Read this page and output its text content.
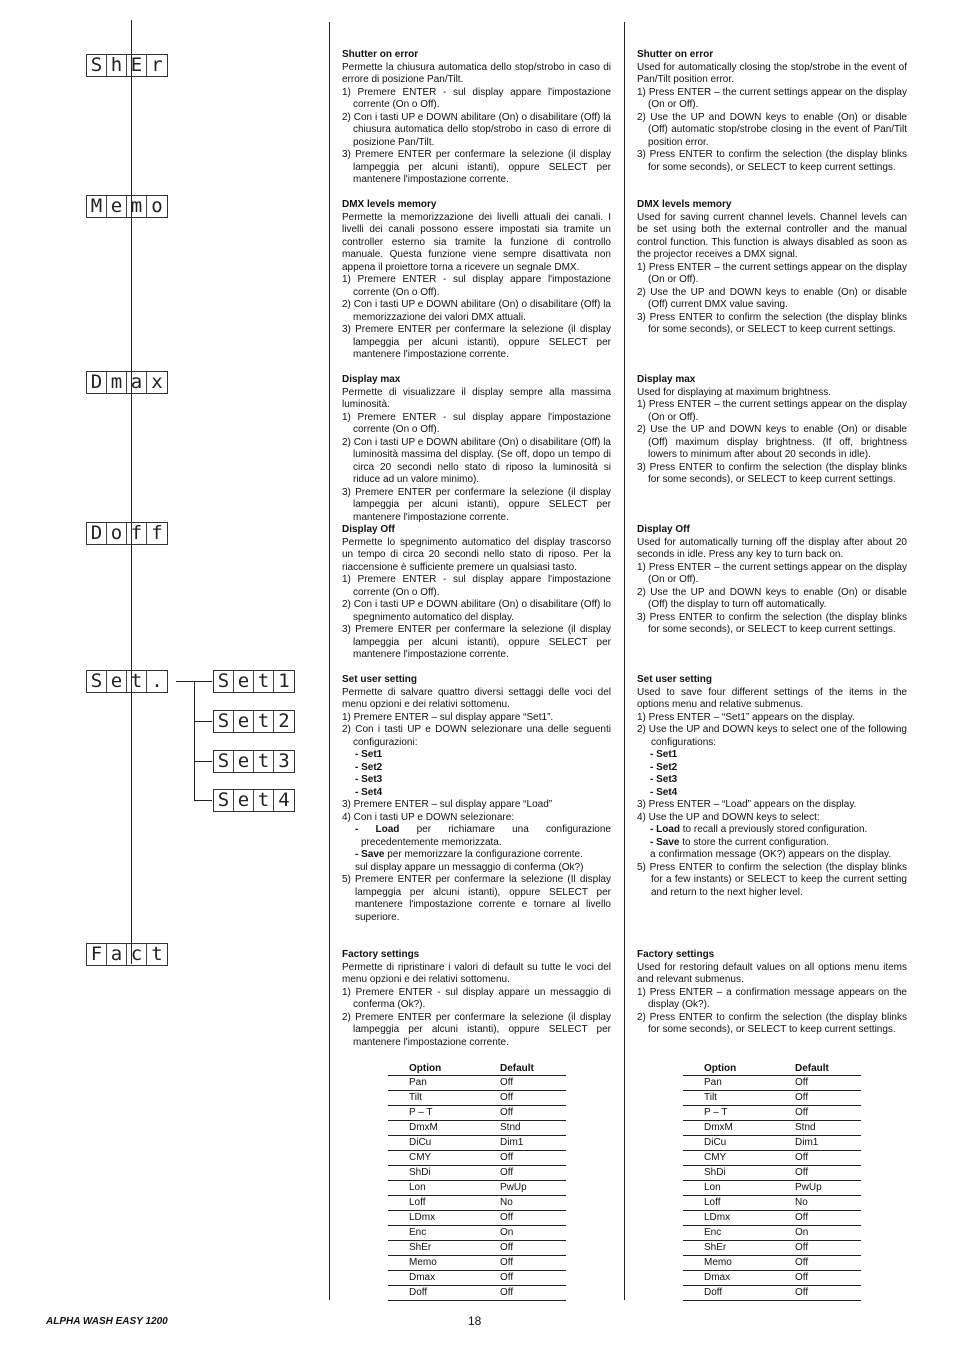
S h E r
M e m o
D m a x
D o f f
S e t .	S e t 1
S e t 2
S e t 3
S e t 4
F a c t
Shutter on error

Permette la chiusura automatica dello stop/strobo in caso di errore di posizione Pan/Tilt.

1) Premere ENTER - sul display appare l'impostazione corrente (On o Off).

2) Con i tasti UP e DOWN abilitare (On) o disabilitare (Off) la chiusura automatica dello stop/strobo in caso di errore di posizione Pan/Tilt.

3) Premere ENTER per confermare la selezione (il display lampeggia per alcuni istanti), oppure SELECT per mantenere l'impostazione corrente.

DMX levels memory

Permette la memorizzazione dei livelli attuali dei canali. I livelli dei canali possono essere impostati sia tramite un controller esterno sia tramite la funzione di controllo manuale. Questa funzione viene sempre disattivata non appena il proiettore torna a ricevere un segnale DMX.

1) Premere ENTER - sul display appare l'impostazione corrente (On o Off).

2) Con i tasti UP e DOWN abilitare (On) o disabilitare (Off) la memorizzazione dei valori DMX attuali.

3) Premere ENTER per confermare la selezione (il display lampeggia per alcuni istanti), oppure SELECT per mantenere l'impostazione corrente.

Display max

Permette di visualizzare il display sempre alla massima luminosità.

1) Premere ENTER - sul display appare l'impostazione corrente (On o Off).

2) Con i tasti UP e DOWN abilitare (On) o disabilitare (Off) la luminosità massima del display. (Se off, dopo un tempo di circa 20 secondi nello stato di riposo la luminosità si riduce ad un valore minimo).

3) Premere ENTER per confermare la selezione (il display lampeggia per alcuni istanti), oppure SELECT per mantenere l'impostazione corrente.

Display Off

Permette lo spegnimento automatico del display trascorso un tempo di circa 20 secondi nello stato di riposo. Per la riaccensione è sufficiente premere un qualsiasi tasto.

1) Premere ENTER - sul display appare l'impostazione corrente (On o Off).

2) Con i tasti UP e DOWN abilitare (On) o disabilitare (Off) lo spegnimento automatico del display.

3) Premere ENTER per confermare la selezione (il display lampeggia per alcuni istanti), oppure SELECT per mantenere l'impostazione corrente.

Set user setting

Permette di salvare quattro diversi settaggi delle voci del menu opzioni e dei relativi sottomenu.

1) Premere ENTER – sul display appare “Set1”.

2) Con i tasti UP e DOWN selezionare una delle seguenti configurazioni:

- Set1

- Set2

- Set3

- Set4

3) Premere ENTER – sul display appare “Load”

4) Con i tasti UP e DOWN selezionare:

- Load per richiamare una configurazione precedentemente memorizzata.

- Save per memorizzare la configurazione corrente.

sul display appare un messaggio di conferma (Ok?)

5) Premere ENTER per confermare la selezione (Il display lampeggia per alcuni istanti), oppure SELECT per mantenere l'impostazione corrente e tornare al livello superiore.

Factory settings

Permette di ripristinare i valori di default su tutte le voci del menu opzioni e dei relativi sottomenu.

1) Premere ENTER - sul display appare un messaggio di conferma (Ok?).

2) Premere ENTER per confermare la selezione (il display lampeggia per alcuni istanti), oppure SELECT per mantenere l'impostazione corrente.

Shutter on error

Used for automatically closing the stop/strobe in the event of Pan/Tilt position error.

1) Press ENTER – the current settings appear on the display (On or Off).

2) Use the UP and DOWN keys to enable (On) or disable (Off) automatic stop/strobe closing in the event of Pan/Tilt position error.

3) Press ENTER to confirm the selection (the display blinks for some seconds), or SELECT to keep current settings.

DMX levels memory

Used for saving current channel levels. Channel levels can be set using both the external controller and the manual control function. This function is always disabled as soon as the projector receives a DMX signal.

1) Press ENTER – the current settings appear on the display (On or Off).

2) Use the UP and DOWN keys to enable (On) or disable (Off) current DMX value saving.

3) Press ENTER to confirm the selection (the display blinks for some seconds), or SELECT to keep current settings.

Display max

Used for displaying at maximum brightness.

1) Press ENTER – the current settings appear on the display (On or Off).

2) Use the UP and DOWN keys to enable (On) or disable (Off) maximum display brightness. (If off, brightness lowers to minimum after about 20 seconds in idle).

3) Press ENTER to confirm the selection (the display blinks for some seconds), or SELECT to keep current settings.

Display Off

Used for automatically turning off the display after about 20 seconds in idle. Press any key to turn back on.

1) Press ENTER – the current settings appear on the display (On or Off).

2) Use the UP and DOWN keys to enable (On) or disable (Off) the display to turn off automatically.

3) Press ENTER to confirm the selection (the display blinks for some seconds), or SELECT to keep current settings.

Set user setting

Used to save four different settings of the items in the options menu and relative submenus.

1) Press ENTER – “Set1” appears on the display.

2) Use the UP and DOWN keys to select one of the following configurations:

- Set1

- Set2

- Set3

- Set4

3) Press ENTER – “Load” appears on the display.

4) Use the UP and DOWN keys to select:

- Load to recall a previously stored configuration.

- Save to store the current configuration.

a confirmation message (OK?) appears on the display.

5) Press ENTER to confirm the selection (the display blinks for a few instants) or SELECT to keep the current setting and return to the next higher level.

Factory settings

Used for restoring default values on all options menu items and relevant submenus.

1) Press ENTER – a confirmation message appears on the display (Ok?).

2) Press ENTER to confirm the selection (the display blinks for some seconds), or SELECT to keep current settings.

Option	Default
Pan	Off
Tilt	Off
P – T	Off
DmxM	Stnd
DiCu	Dim1
CMY	Off
ShDi	Off
Lon	PwUp
Loff	No
LDmx	Off
Enc	On
ShEr	Off
Memo	Off
Dmax	Off
Doff	Off
Option	Default
Pan	Off
Tilt	Off
P – T	Off
DmxM	Stnd
DiCu	Dim1
CMY	Off
ShDi	Off
Lon	PwUp
Loff	No
LDmx	Off
Enc	On
ShEr	Off
Memo	Off
Dmax	Off
Doff	Off
ALPHA WASH EASY 1200	18
